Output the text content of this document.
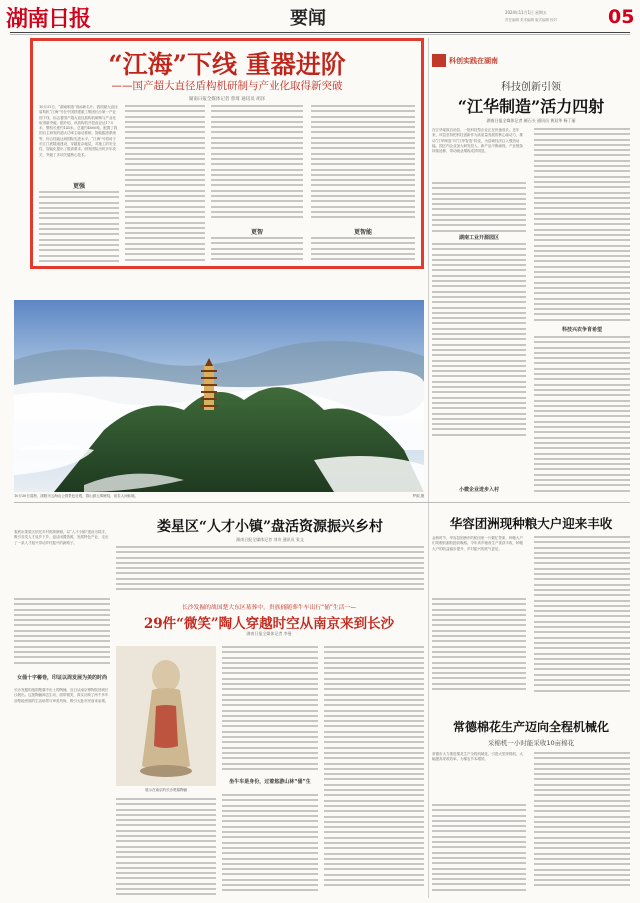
湖南日报	要闻	2024年11月1日 星期五
责任编辑 美术编辑 版式编辑 校对	05
“江海”下线 重器进阶
——国产超大直径盾构机研制与产业化取得新突破
湖南日报全媒体记者 曾琦 通讯员 胡泽
10月31日，“湖南制造”再添新名片。我国最大直径盾构机“江海”号在中国铁建重工集团长沙第一产业园下线，标志着国产超大直径盾构机研制与产业化取得新突破。据介绍，该盾构机开挖直径达17.5米，整机长度约145米，总重约4800吨，配置了我国自主研发的超大功率主驱动系统、智能掘进系统等，综合性能达到国际先进水平。“江海”号将用于长江江底隧道建设，穿越复杂地层，对施工的安全性、智能化提出了极高要求。研发团队历时多年攻关，突破了多项关键核心技术。
更强
更智	更智能
10月30日清晨，浏阳市云海山公园景色壮观，群山被云雾缭绕，宛若人间仙境。	罗源 摄
科创实践在湖南
科技创新引领
“江华制造”活力四射
湖南日报全媒体记者 颜石头 通讯员 黄双华 杨丁丽
在江华瑶族自治县，一批科技型企业正在快速成长。近年来，该县坚持把科技创新作为高质量发展的核心驱动力，推动“江华制造”向“江华智造”转变，为县域经济注入强劲动能。园区内企业加大研发投入，新产品不断涌现，产业链条持续延伸，带动就业增收成效明显。
湖南工业开源园区
小微企业迸步入村
科技兴农争育希望
娄底市娄星区依托乡村资源禀赋，以“人才小镇”建设为抓手，吸引各类人才返乡下乡，盘活闲置资源，发展特色产业，走出了一条人才振兴带动乡村振兴的新路子。
娄星区“人才小镇”盘活资源振兴乡村
湖南日报全媒体记者 刘奇 通讯员 张文
长沙发掘的战国楚大东区墓葬中，贵族俑随葬牛车出行“俑”生活一—
29件“微笑”陶人穿越时空从南京来到长沙
湖南日报全媒体记者 李曼
女俑十字髻卷，印证以周发展为美的时尚
长沙发掘的战国楚墓中出土的陶俑，近日从南京博物院回到长沙展出。这批陶俑神态生动，面带微笑，真实反映了两千多年前楚地贵族的生活场景与审美风尚，吸引大批市民前来参观。
展示在南京的长沙楚墓陶俑
坐牛车是身份，过着悠游山林“俑”生
华容团洲现种粮大户迎来丰收
金秋时节，华容县团洲乡的稻田里一片繁忙景象，种粮大户们驾驶收割机抢收晚稻。今年该乡粮食生产喜获丰收，种粮大户的收益稳步提升，乡村振兴的底气更足。
常德棉花生产迈向全程机械化
采棉机一小时能采收10亩棉花
常德市大力推进棉花生产全程机械化，引进大型采棉机，大幅提高采收效率，为棉农节本增效。
